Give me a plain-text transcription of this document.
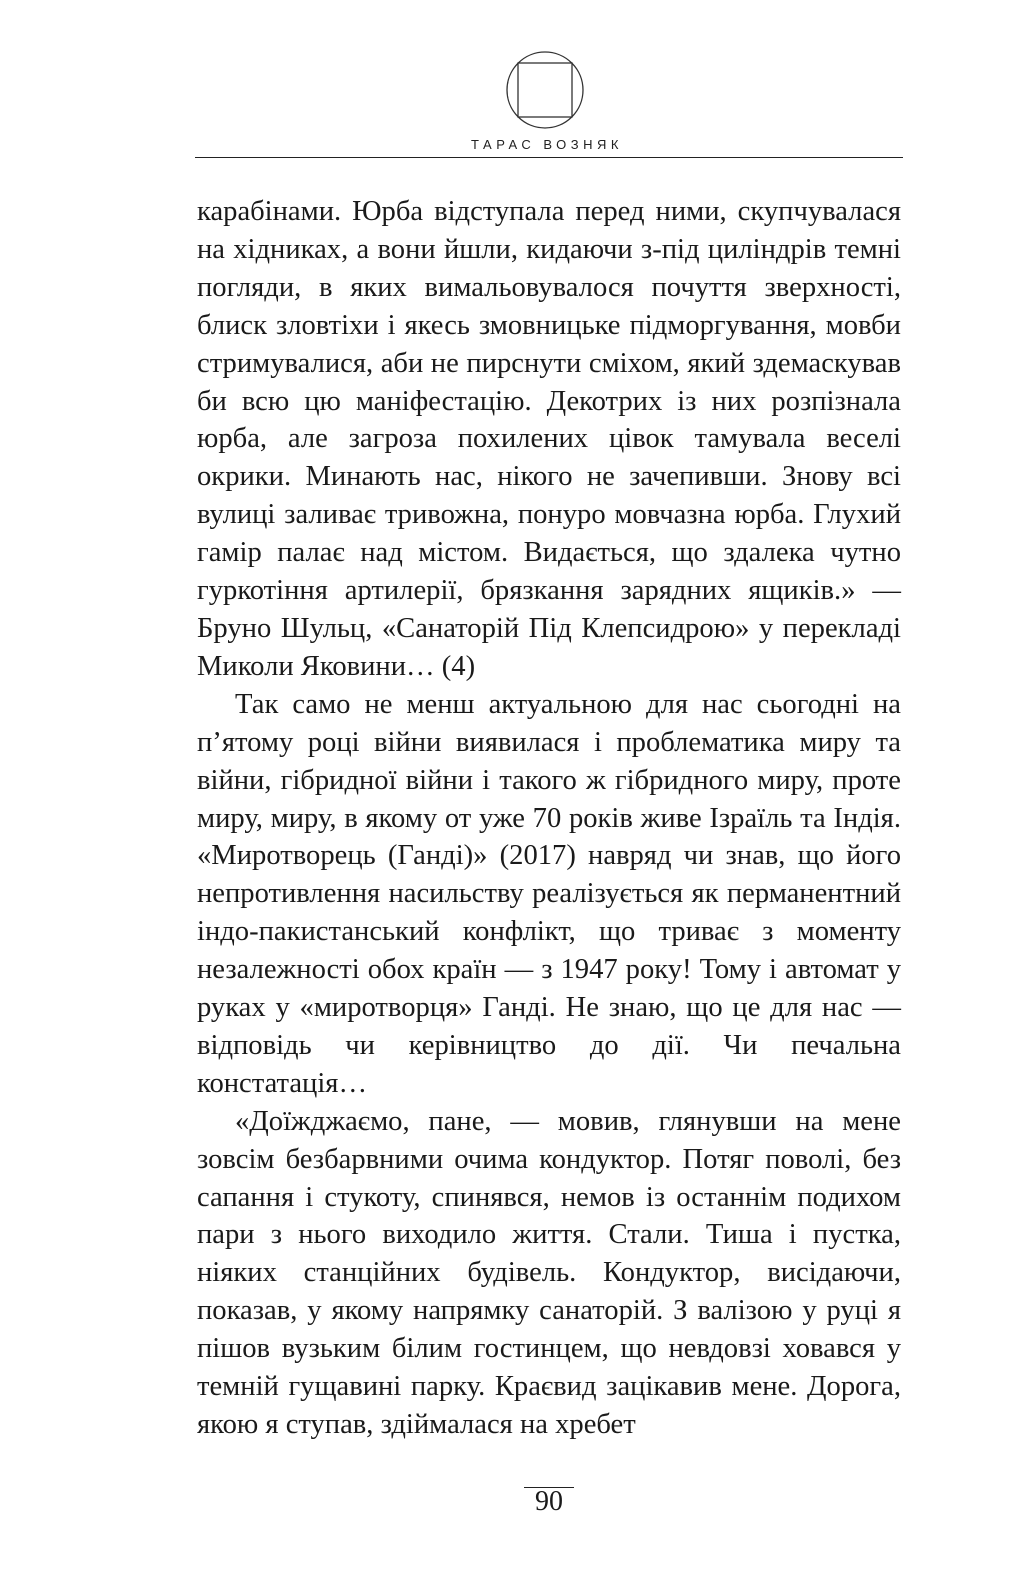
ТАРАС ВОЗНЯК

карабінами. Юрба відступала перед ними, скупчувалася на хідниках, а вони йшли, кидаючи з-під циліндрів темні погляди, в яких вимальовувалося почуття зверхності, блиск зловтіхи і якесь змовницьке підморгування, мовби стримувалися, аби не пирснути сміхом, який здемаскував би всю цю маніфестацію. Декотрих із них розпізнала юрба, але загроза похилених цівок тамувала веселі окрики. Минають нас, нікого не зачепивши. Знову всі вулиці заливає тривожна, понуро мовчазна юрба. Глухий гамір палає над містом. Видається, що здалека чутно гуркотіння артилерії, брязкання зарядних ящиків.» — Бруно Шульц, «Санаторій Під Клепсидрою» у перекладі Миколи Яковини… (4)

Так само не менш актуальною для нас сьогодні на п’ятому році війни виявилася і проблематика миру та війни, гібридної війни і такого ж гібридного миру, проте миру, миру, в якому от уже 70 років живе Ізраїль та Індія. «Миротворець (Ганді)» (2017) навряд чи знав, що його непротивлення насильству реалізується як перманентний індо-пакистанський конфлікт, що триває з моменту незалежності обох країн — з 1947 року! Тому і автомат у руках у «миротворця» Ганді. Не знаю, що це для нас — відповідь чи керівництво до дії. Чи печальна констатація…

«Доїжджаємо, пане, — мовив, глянувши на мене зовсім безбарвними очима кондуктор. Потяг поволі, без сапання і стукоту, спинявся, немов із останнім подихом пари з нього виходило життя. Стали. Тиша і пустка, ніяких станційних будівель. Кондуктор, висідаючи, показав, у якому напрямку санаторій. З валізою у руці я пішов вузьким білим гостинцем, що невдовзі ховався у темній гущавині парку. Краєвид зацікавив мене. Дорога, якою я ступав, здіймалася на хребет

90
